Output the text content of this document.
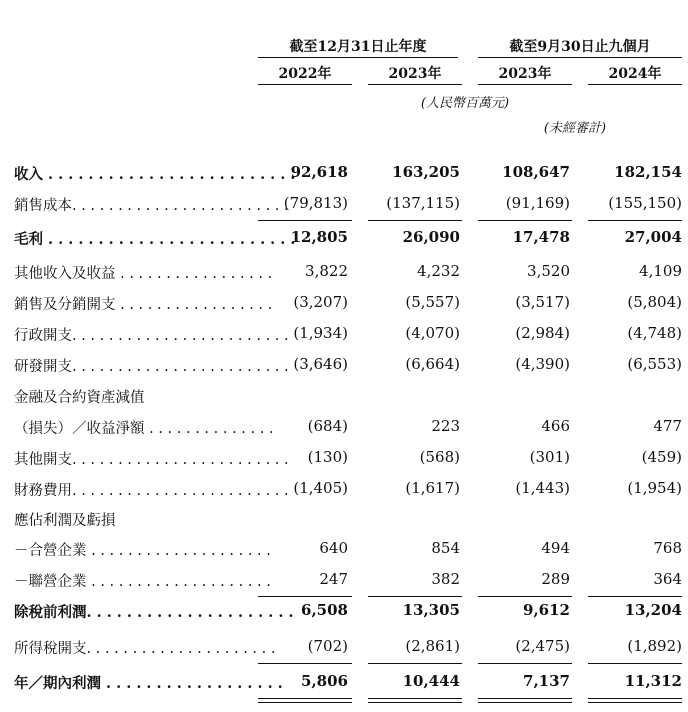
截至12月31日止年度	截至9月30日止九個月
2022年	2023年	2023年	2024年
(人民幣百萬元)
(未經審計)
收入 . . . . . . . . . . . . . . . . . . . . . . . . .
92,618	163,205	108,647	182,154
銷售成本. . . . . . . . . . . . . . . . . . . . . . . .
(79,813)	(137,115)	(91,169)	(155,150)
毛利 . . . . . . . . . . . . . . . . . . . . . . . . .
12,805	26,090	17,478	27,004
其他收入及收益 . . . . . . . . . . . . . . . . .	3,822	4,232	3,520	4,109
銷售及分銷開支 . . . . . . . . . . . . . . . . .	(3,207)	(5,557)	(3,517)	(5,804)
行政開支. . . . . . . . . . . . . . . . . . . . . . . . (1,934)	(4,070)	(2,984)	(4,748)
研發開支. . . . . . . . . . . . . . . . . . . . . . . . (3,646)	(6,664)	(4,390)	(6,553)
金融及合約資產減值
（損失）／收益淨額 . . . . . . . . . . . . . .	(684)	223	466	477
其他開支. . . . . . . . . . . . . . . . . . . . . . . .	(130)	(568)	(301)	(459)
財務費用. . . . . . . . . . . . . . . . . . . . . . . . (1,405)	(1,617)	(1,443)	(1,954)
應佔利潤及虧損
－合營企業 . . . . . . . . . . . . . . . . . . . .	640	854	494	768
－聯營企業 . . . . . . . . . . . . . . . . . . . .	247	382	289	364
除稅前利潤. . . . . . . . . . . . . . . . . . . . . 6,508	13,305	9,612	13,204
所得稅開支. . . . . . . . . . . . . . . . . . . . .	(702)	(2,861)	(2,475)	(1,892)
年／期內利潤 . . . . . . . . . . . . . . . . . .	5,806	10,444	7,137	11,312
